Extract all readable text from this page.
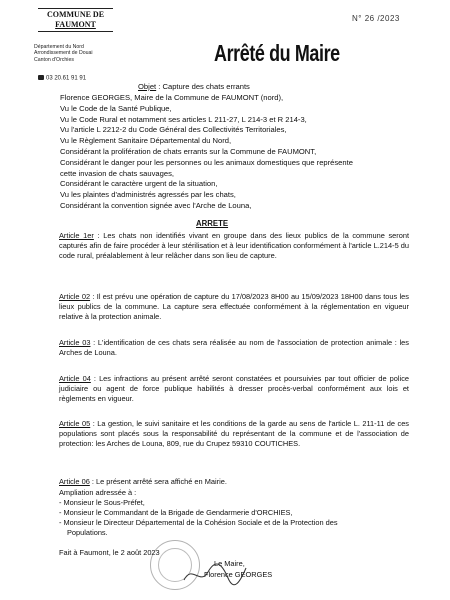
COMMUNE DE
FAUMONT
Département du Nord
Arrondissement de Douai
Canton d'Orchies
03 20.61 91 91
N° 26 /2023
Arrêté du Maire
Objet : Capture des chats errants
Florence GEORGES, Maire de la Commune de FAUMONT (nord),
Vu le Code de la Santé Publique,
Vu le Code Rural et notamment ses articles L 211-27, L 214-3 et R 214-3,
Vu l'article L 2212-2 du Code Général des Collectivités Territoriales,
Vu le Règlement Sanitaire Départemental du Nord,
Considérant la prolifération de chats errants sur la Commune de FAUMONT,
Considérant le danger pour les personnes ou les animaux domestiques que représente
cette invasion de chats sauvages,
Considérant le caractère urgent de la situation,
Vu les plaintes d'administrés agressés par les chats,
Considérant la convention signée avec l'Arche de Louna,
ARRETE
Article 1er : Les chats non identifiés vivant en groupe dans des lieux publics de la commune seront capturés afin de faire procéder à leur stérilisation et à leur identification conformément à l'article L.214-5 du code rural, préalablement à leur relâcher dans son lieu de capture.
Article 02 : Il est prévu une opération de capture du 17/08/2023 8H00 au 15/09/2023 18H00 dans tous les lieux publics de la commune. La capture sera effectuée conformément à la réglementation en vigueur relative à la protection animale.
Article 03 : L'identification de ces chats sera réalisée au nom de l'association de protection animale : les Arches de Louna.
Article 04 : Les infractions au présent arrêté seront constatées et poursuivies par tout officier de police judiciaire ou agent de force publique habilités à dresser procès-verbal conformément aux lois et règlements en vigueur.
Article 05 : La gestion, le suivi sanitaire et les conditions de la garde au sens de l'article L. 211-11 de ces populations sont placés sous la responsabilité du représentant de la commune et de l'association de protection: les Arches de Louna, 809, rue du Crupez 59310 COUTICHES.
Article 06 : Le présent arrêté sera affiché en Mairie.
Ampliation adressée à :
- Monsieur le Sous-Préfet,
- Monsieur le Commandant de la Brigade de Gendarmerie d'ORCHIES,
- Monsieur le Directeur Départemental de la Cohésion Sociale et de la Protection des
Populations.
Fait à Faumont, le 2 août 2023
Le Maire,
Florence GEORGES
